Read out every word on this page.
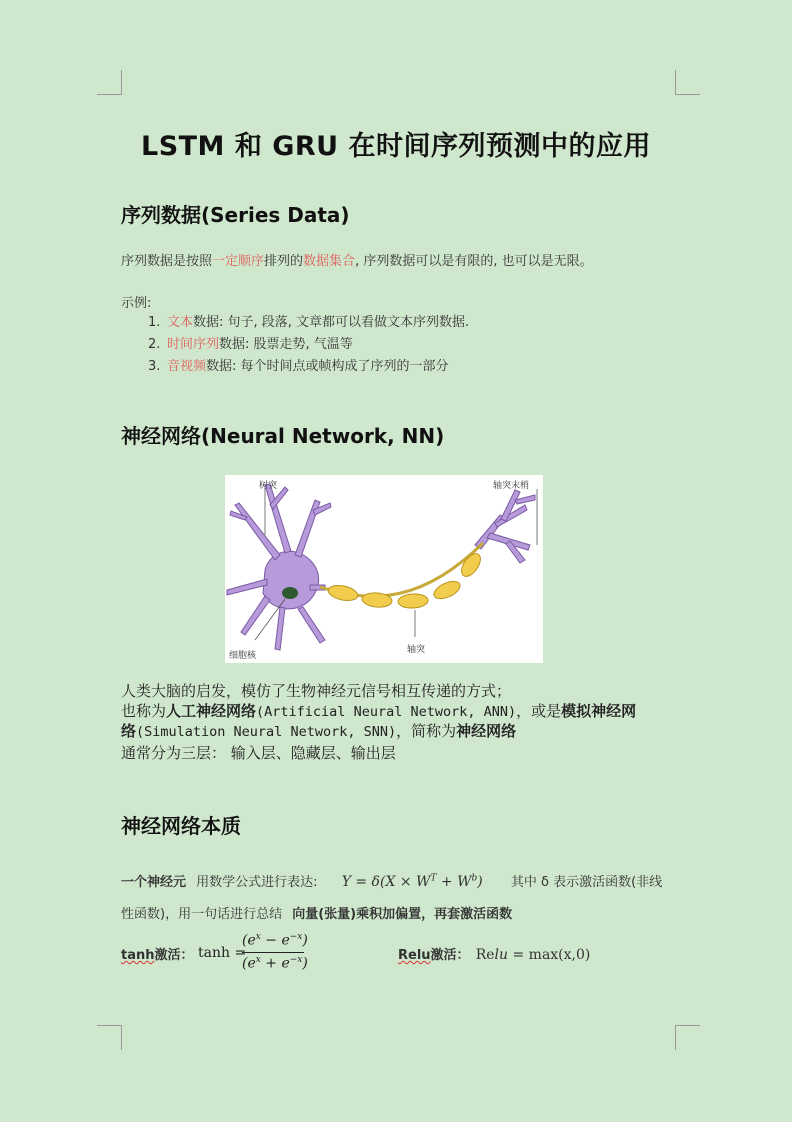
LSTM 和 GRU 在时间序列预测中的应用
序列数据(Series Data)
序列数据是按照一定顺序排列的数据集合, 序列数据可以是有限的, 也可以是无限。
示例:
1. 文本数据: 句子, 段落, 文章都可以看做文本序列数据.
2. 时间序列数据: 股票走势, 气温等
3. 音视频数据: 每个时间点或帧构成了序列的一部分
神经网络(Neural Network, NN)
树突	轴突末梢
细胞核
轴突
人类大脑的启发，模仿了生物神经元信号相互传递的方式；
也称为人工神经网络(Artificial Neural Network, ANN)，或是模拟神经网
络(Simulation Neural Network, SNN)，简称为神经网络
通常分为三层： 输入层、隐藏层、输出层
神经网络本质
一个神经元 用数学公式进行表达: $Y = \delta(X \times W^T + W^b)$ 其中 δ 表示激活函数(非线
性函数)，用一句话进行总结 向量(张量)乘积加偏置，再套激活函数
tanh激活： tanh =
$(e^x - e^{-x})$
$(e^x + e^{-x})$
Relu激活： Relu = max(x,0)
